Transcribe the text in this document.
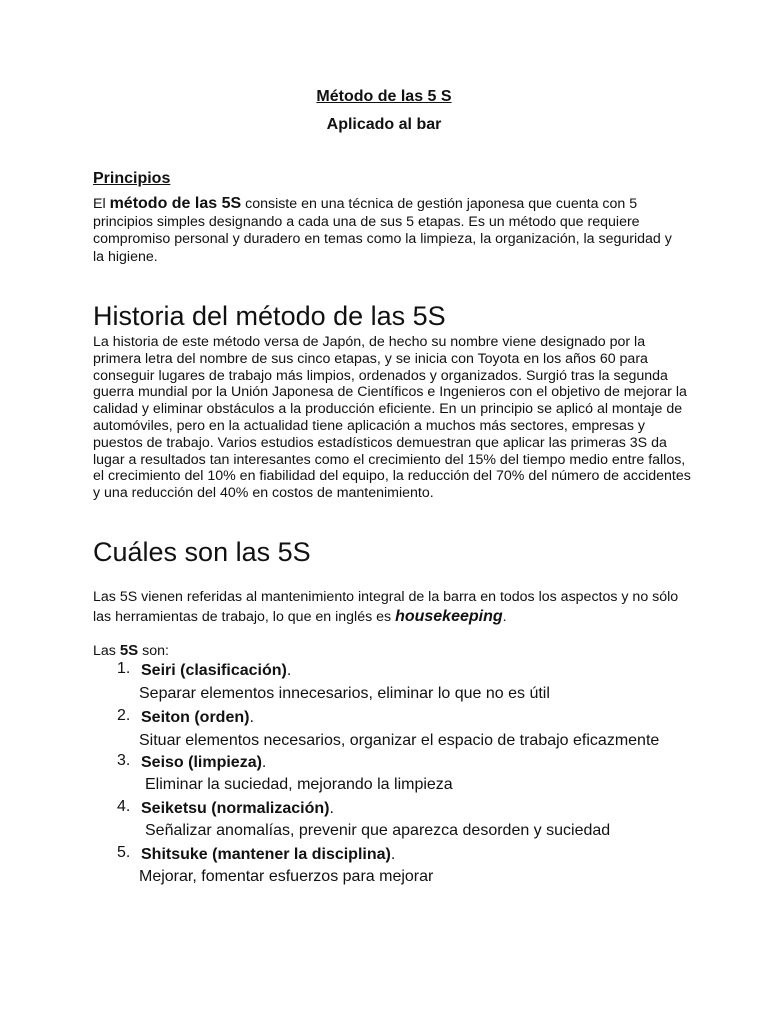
Método de las 5 S
Aplicado al bar
Principios

El método de las 5S consiste en una técnica de gestión japonesa que cuenta con 5 principios simples designando a cada una de sus 5 etapas. Es un método que requiere compromiso personal y duradero en temas como la limpieza, la organización, la seguridad y la higiene.

Historia del método de las 5S

La historia de este método versa de Japón, de hecho su nombre viene designado por la primera letra del nombre de sus cinco etapas, y se inicia con Toyota en los años 60 para conseguir lugares de trabajo más limpios, ordenados y organizados. Surgió tras la segunda guerra mundial por la Unión Japonesa de Científicos e Ingenieros con el objetivo de mejorar la calidad y eliminar obstáculos a la producción eficiente. En un principio se aplicó al montaje de automóviles, pero en la actualidad tiene aplicación a muchos más sectores, empresas y puestos de trabajo. Varios estudios estadísticos demuestran que aplicar las primeras 3S da lugar a resultados tan interesantes como el crecimiento del 15% del tiempo medio entre fallos, el crecimiento del 10% en fiabilidad del equipo, la reducción del 70% del número de accidentes y una reducción del 40% en costos de mantenimiento.

Cuáles son las 5S

Las 5S vienen referidas al mantenimiento integral de la barra en todos los aspectos y no sólo las herramientas de trabajo, lo que en inglés es housekeeping.

Las 5S son:

1. Seiri (clasificación).
Separar elementos innecesarios, eliminar lo que no es útil
2. Seiton (orden).
Situar elementos necesarios, organizar el espacio de trabajo eficazmente
3. Seiso (limpieza).
Eliminar la suciedad, mejorando la limpieza
4. Seiketsu (normalización).
Señalizar anomalías, prevenir que aparezca desorden y suciedad
5. Shitsuke (mantener la disciplina).
Mejorar, fomentar esfuerzos para mejorar
